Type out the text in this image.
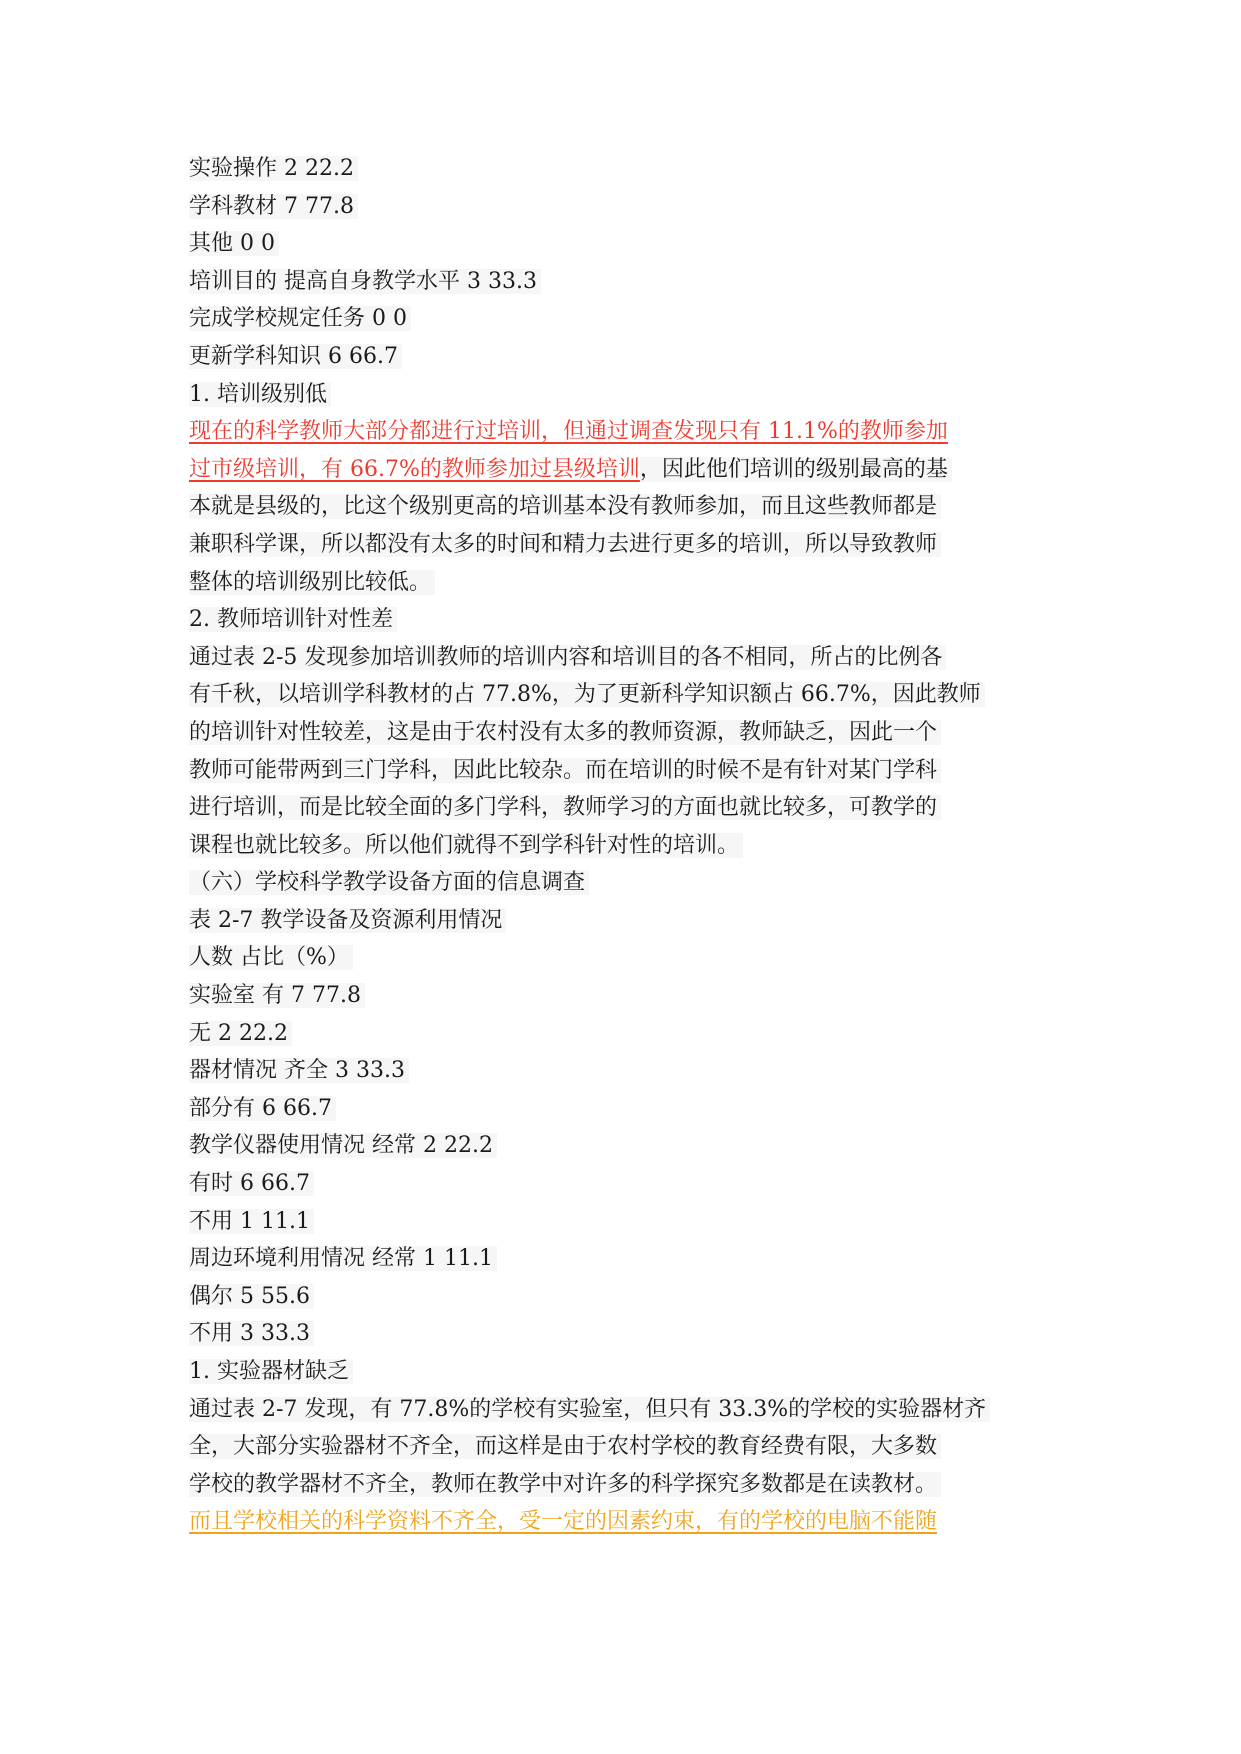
实验操作 2 22.2
学科教材 7 77.8
其他 0 0
培训目的 提高自身教学水平 3 33.3
完成学校规定任务 0 0
更新学科知识 6 66.7
1. 培训级别低
现在的科学教师大部分都进行过培训，但通过调查发现只有 11.1%的教师参加
过市级培训，有 66.7%的教师参加过县级培训，因此他们培训的级别最高的基
本就是县级的，比这个级别更高的培训基本没有教师参加，而且这些教师都是
兼职科学课，所以都没有太多的时间和精力去进行更多的培训，所以导致教师
整体的培训级别比较低。
2. 教师培训针对性差
通过表 2-5 发现参加培训教师的培训内容和培训目的各不相同，所占的比例各
有千秋，以培训学科教材的占 77.8%，为了更新科学知识额占 66.7%，因此教师
的培训针对性较差，这是由于农村没有太多的教师资源，教师缺乏，因此一个
教师可能带两到三门学科，因此比较杂。而在培训的时候不是有针对某门学科
进行培训，而是比较全面的多门学科，教师学习的方面也就比较多，可教学的
课程也就比较多。所以他们就得不到学科针对性的培训。
（六）学校科学教学设备方面的信息调查
表 2-7 教学设备及资源利用情况
人数 占比（%）
实验室 有 7 77.8
无 2 22.2
器材情况 齐全 3 33.3
部分有 6 66.7
教学仪器使用情况 经常 2 22.2
有时 6 66.7
不用 1 11.1
周边环境利用情况 经常 1 11.1
偶尔 5 55.6
不用 3 33.3
1. 实验器材缺乏
通过表 2-7 发现，有 77.8%的学校有实验室，但只有 33.3%的学校的实验器材齐
全，大部分实验器材不齐全，而这样是由于农村学校的教育经费有限，大多数
学校的教学器材不齐全，教师在教学中对许多的科学探究多数都是在读教材。
而且学校相关的科学资料不齐全，受一定的因素约束，有的学校的电脑不能随
